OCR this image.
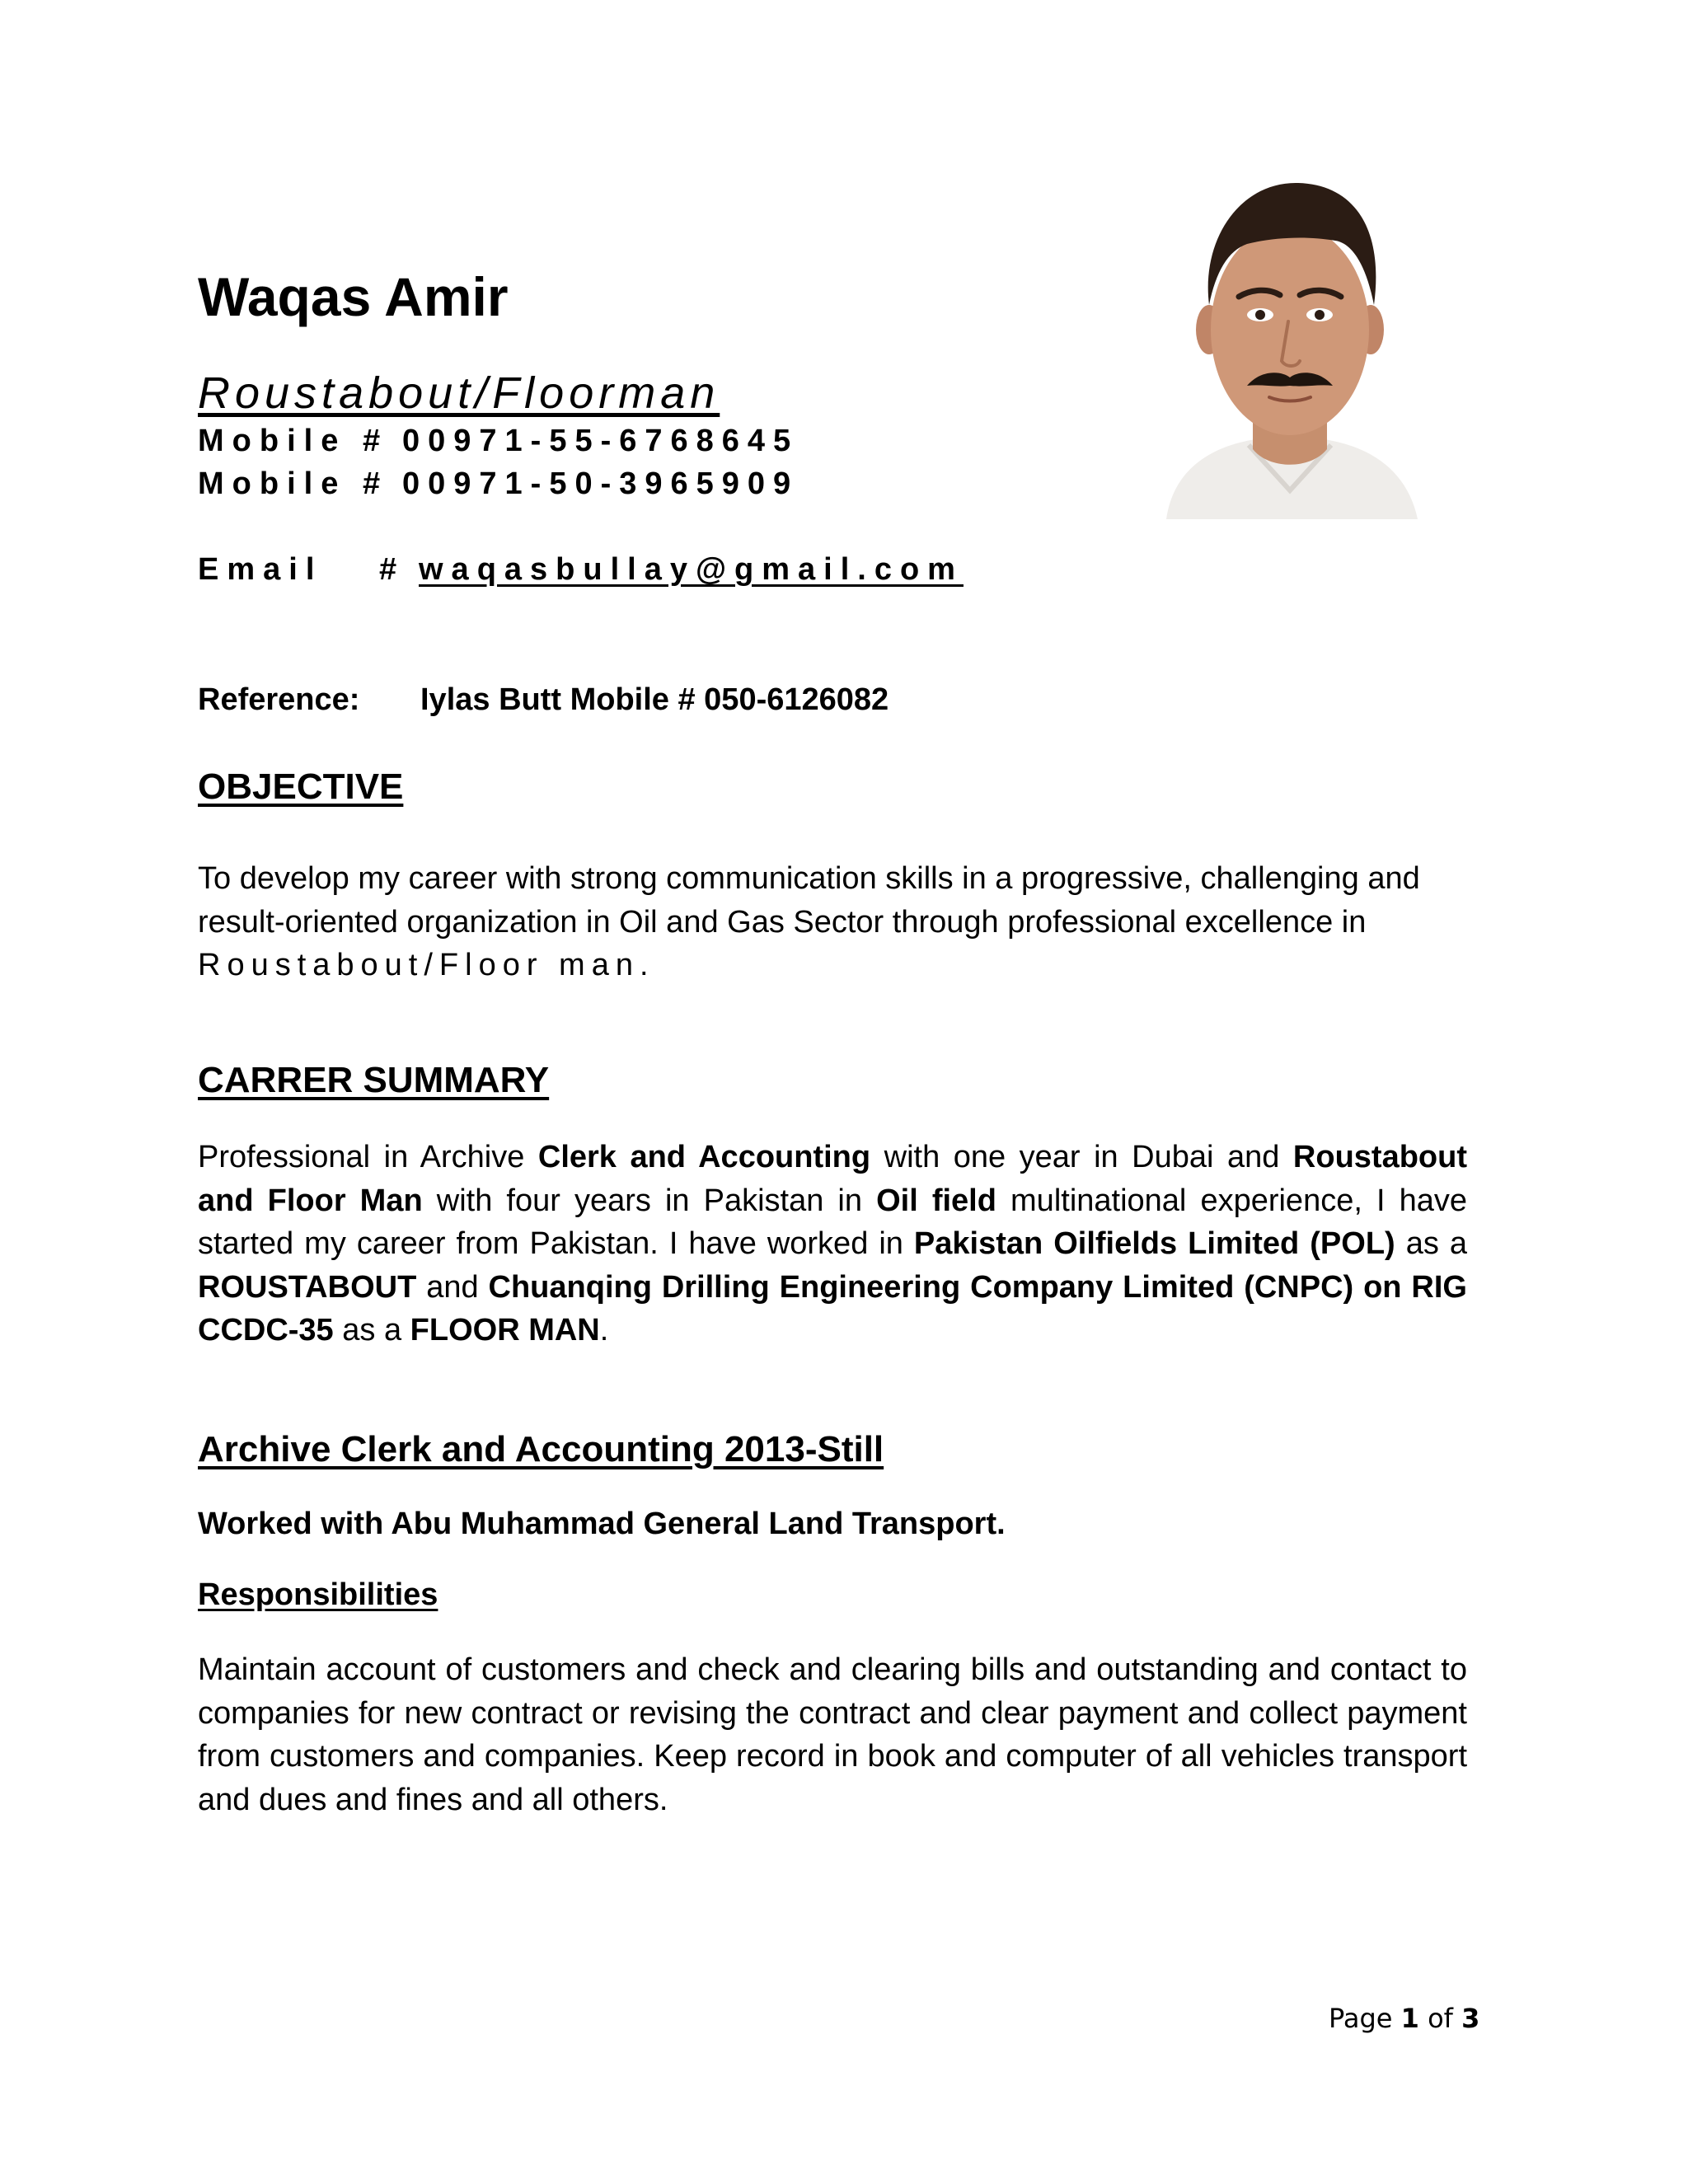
Waqas Amir
Roustabout/Floorman
Mobile # 00971-55-6768645
Mobile # 00971-50-3965909
Email # waqasbullay@gmail.com
Reference: Iylas Butt Mobile # 050-6126082
OBJECTIVE
To develop my career with strong communication skills in a progressive, challenging and result-oriented organization in Oil and Gas Sector through professional excellence in Roustabout/Floor man.
CARRER SUMMARY
Professional in Archive Clerk and Accounting with one year in Dubai and Roustabout and Floor Man with four years in Pakistan in Oil field multinational experience, I have started my career from Pakistan. I have worked in Pakistan Oilfields Limited (POL) as a ROUSTABOUT and Chuanqing Drilling Engineering Company Limited (CNPC) on RIG CCDC-35 as a FLOOR MAN.
Archive Clerk and Accounting 2013-Still
Worked with Abu Muhammad General Land Transport.
Responsibilities
Maintain account of customers and check and clearing bills and outstanding and contact to companies for new contract or revising the contract and clear payment and collect payment from customers and companies. Keep record in book and computer of all vehicles transport and dues and fines and all others.
Page 1 of 3
